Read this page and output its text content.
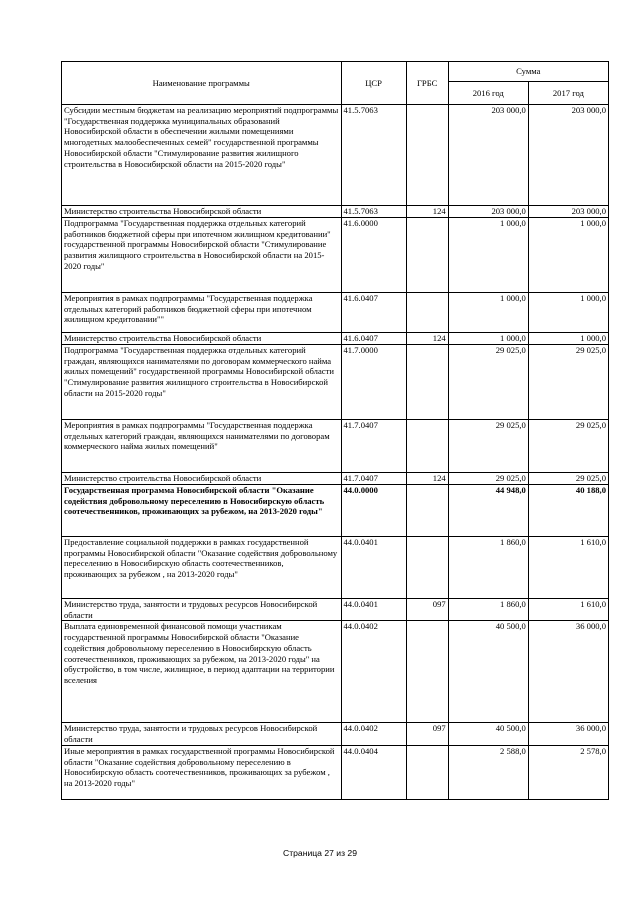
Наименование программы	ЦСР	ГРБС	Сумма	
			2016 год	2017 год
Субсидии местным бюджетам на реализацию мероприятий подпрограммы "Государственная поддержка муниципальных образований Новосибирской области в обеспечении жилыми помещениями многодетных малообеспеченных семей" государственной программы Новосибирской области "Стимулирование развития жилищного строительства в Новосибирской области на 2015-2020 годы"	41.5.7063		203 000,0	203 000,0
Министерство строительства Новосибирской области	41.5.7063	124	203 000,0	203 000,0
Подпрограмма "Государственная поддержка отдельных категорий работников бюджетной сферы при ипотечном жилищном кредитовании" государственной программы Новосибирской области "Стимулирование развития жилищного строительства в Новосибирской области на 2015-2020 годы"	41.6.0000		1 000,0	1 000,0
Мероприятия в рамках подпрограммы "Государственная поддержка отдельных категорий работников бюджетной сферы при ипотечном жилищном кредитовании""	41.6.0407		1 000,0	1 000,0
Министерство строительства Новосибирской области	41.6.0407	124	1 000,0	1 000,0
Подпрограмма "Государственная поддержка отдельных категорий граждан, являющихся нанимателями по договорам коммерческого найма жилых помещений" государственной программы Новосибирской области "Стимулирование развития жилищного строительства в Новосибирской области на 2015-2020 годы"	41.7.0000		29 025,0	29 025,0
Мероприятия в рамках подпрограммы "Государственная поддержка отдельных категорий граждан, являющихся нанимателями по договорам коммерческого найма жилых помещений"	41.7.0407		29 025,0	29 025,0
Министерство строительства Новосибирской области	41.7.0407	124	29 025,0	29 025,0
Государственная программа Новосибирской области "Оказание содействия добровольному переселению в Новосибирскую область соотечественников, проживающих за рубежом, на 2013-2020 годы"	44.0.0000		44 948,0	40 188,0
Предоставление социальной поддержки в рамках государственной программы Новосибирской области "Оказание содействия добровольному переселению в Новосибирскую область соотечественников, проживающих за рубежом , на 2013-2020 годы"	44.0.0401		1 860,0	1 610,0
Министерство труда, занятости и трудовых ресурсов Новосибирской области	44.0.0401	097	1 860,0	1 610,0
Выплата единовременной финансовой помощи участникам государственной программы Новосибирской области "Оказание содействия добровольному переселению в Новосибирскую область соотечественников, проживающих за рубежом, на 2013-2020 годы" на обустройство, в том числе, жилищное, в период адаптации на территории вселения	44.0.0402		40 500,0	36 000,0
Министерство труда, занятости и трудовых ресурсов Новосибирской области	44.0.0402	097	40 500,0	36 000,0
Иные мероприятия в рамках государственной программы Новосибирской области "Оказание содействия добровольному переселению в Новосибирскую область соотечественников, проживающих за рубежом , на 2013-2020 годы"	44.0.0404		2 588,0	2 578,0
Страница 27 из 29
